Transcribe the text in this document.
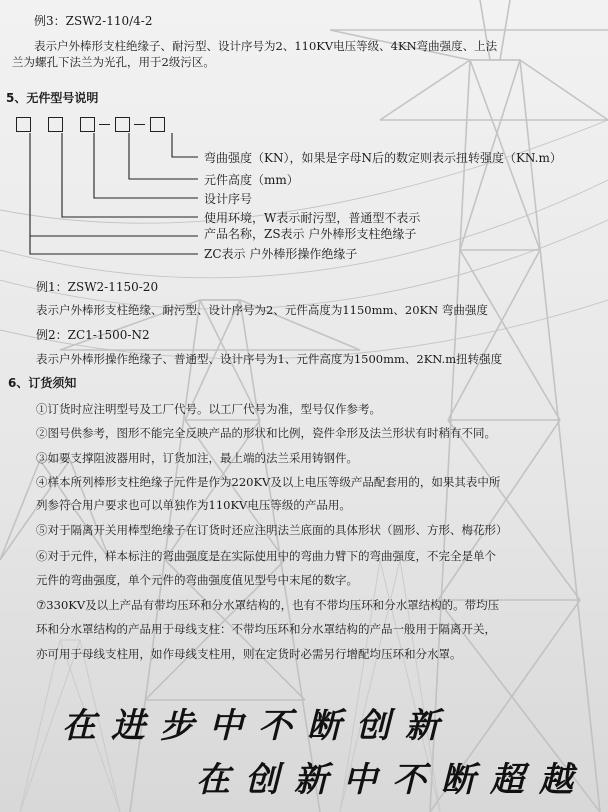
例3：ZSW2-110/4-2
表示户外棒形支柱绝缘子、耐污型、设计序号为2、110KV电压等级、4KN弯曲强度、上法
兰为螺孔下法兰为光孔，用于2级污区。
5、无件型号说明
弯曲强度（KN），如果是字母N后的数定则表示扭转强度（KN.m）
元件高度（mm）
设计序号
使用环境，W表示耐污型，普通型不表示
产品名称，ZS表示 户外棒形支柱绝缘子
ZC表示 户外棒形操作绝缘子
例1：ZSW2-1150-20
表示户外棒形支柱绝缘、耐污型、设计序号为2、元件高度为1150mm、20KN 弯曲强度
例2：ZC1-1500-N2
表示户外棒形操作绝缘子、普通型、设计序号为1、元件高度为1500mm、2KN.m扭转强度
6、订货须知
①订货时应注明型号及工厂代号。以工厂代号为准，型号仅作参考。
②图号供参考，图形不能完全反映产品的形状和比例，瓷件伞形及法兰形状有时稍有不同。
③如要支撑阻波器用时，订货加注，最上端的法兰采用铸钢件。
④样本所列棒形支柱绝缘子元件是作为220KV及以上电压等级产品配套用的，如果其表中所
列参符合用户要求也可以单独作为110KV电压等级的产品用。
⑤对于隔离开关用棒型绝缘子在订货时还应注明法兰底面的具体形状（圆形、方形、梅花形）
⑥对于元件，样本标注的弯曲强度是在实际使用中的弯曲力臂下的弯曲强度，不完全是单个
元件的弯曲强度，单个元件的弯曲强度值见型号中末尾的数字。
⑦330KV及以上产品有带均压环和分水罩结构的，也有不带均压环和分水罩结构的。带均压
环和分水罩结构的产品用于母线支柱：不带均压环和分水罩结构的产品一般用于隔离开关，
亦可用于母线支柱用，如作母线支柱用，则在定货时必需另行增配均压环和分水罩。
在进步中不断创新
在创新中不断超越
